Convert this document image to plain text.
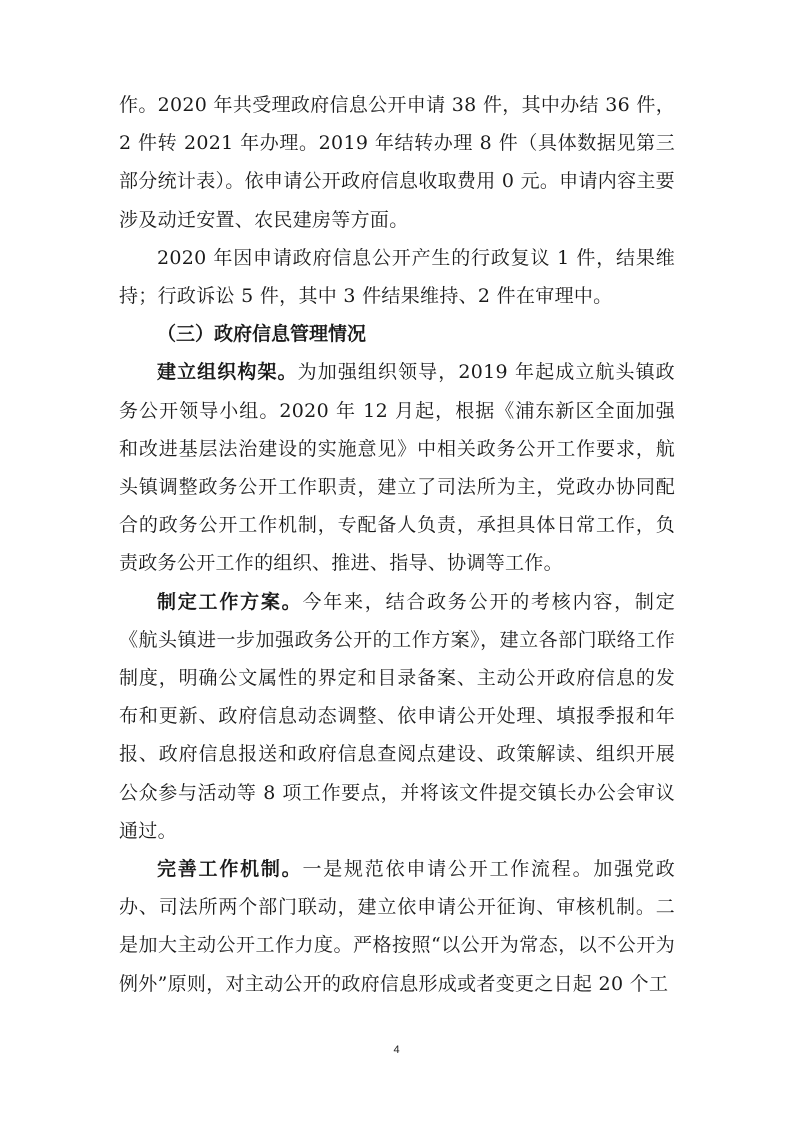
作。2020 年共受理政府信息公开申请 38 件，其中办结 36 件，2 件转 2021 年办理。2019 年结转办理 8 件（具体数据见第三部分统计表）。依申请公开政府信息收取费用 0 元。申请内容主要涉及动迁安置、农民建房等方面。

2020 年因申请政府信息公开产生的行政复议 1 件，结果维持；行政诉讼 5 件，其中 3 件结果维持、2 件在审理中。

（三）政府信息管理情况

建立组织构架。为加强组织领导，2019 年起成立航头镇政务公开领导小组。2020 年 12 月起，根据《浦东新区全面加强和改进基层法治建设的实施意见》中相关政务公开工作要求，航头镇调整政务公开工作职责，建立了司法所为主，党政办协同配合的政务公开工作机制，专配备人负责，承担具体日常工作，负责政务公开工作的组织、推进、指导、协调等工作。

制定工作方案。今年来，结合政务公开的考核内容，制定《航头镇进一步加强政务公开的工作方案》，建立各部门联络工作制度，明确公文属性的界定和目录备案、主动公开政府信息的发布和更新、政府信息动态调整、依申请公开处理、填报季报和年报、政府信息报送和政府信息查阅点建设、政策解读、组织开展公众参与活动等 8 项工作要点，并将该文件提交镇长办公会审议通过。

完善工作机制。一是规范依申请公开工作流程。加强党政办、司法所两个部门联动，建立依申请公开征询、审核机制。二是加大主动公开工作力度。严格按照“以公开为常态，以不公开为例外”原则，对主动公开的政府信息形成或者变更之日起 20 个工

4
